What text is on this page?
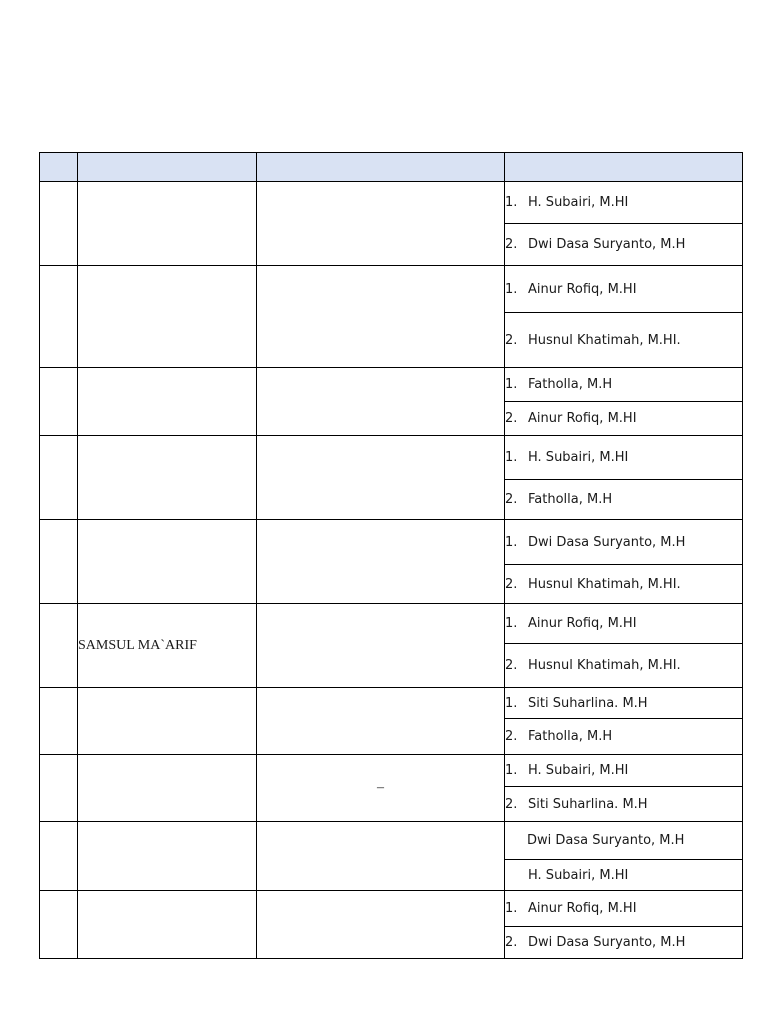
			1. H. Subairi, M.HI
			2. Dwi Dasa Suryanto, M.H
			1. Ainur Rofiq, M.HI
			2. Husnul Khatimah, M.HI.
			1. Fatholla, M.H
			2. Ainur Rofiq, M.HI
			1. H. Subairi, M.HI
			2. Fatholla, M.H
			1. Dwi Dasa Suryanto, M.H
			2. Husnul Khatimah, M.HI.
	SAMSUL MA`ARIF		1. Ainur Rofiq, M.HI
			2. Husnul Khatimah, M.HI.
			1. Siti Suharlina. M.H
			2. Fatholla, M.H
		–	1. H. Subairi, M.HI
			2. Siti Suharlina. M.H
			Dwi Dasa Suryanto, M.H
			H. Subairi, M.HI
			1. Ainur Rofiq, M.HI
			2. Dwi Dasa Suryanto, M.H
